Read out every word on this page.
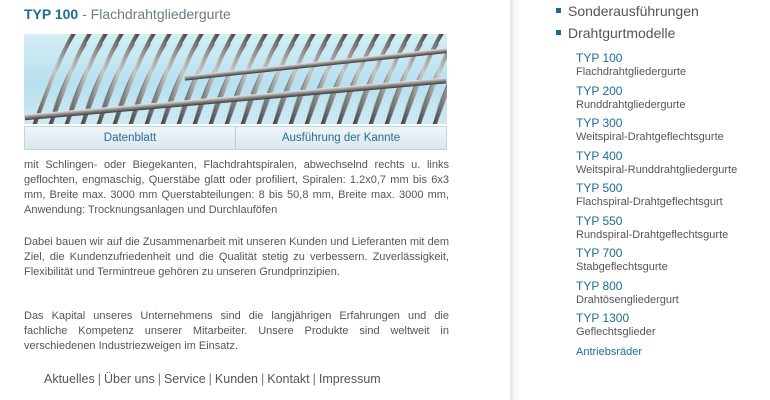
TYP 100 - Flachdrahtgliedergurte
Datenblatt	Ausführung der Kannte
mit Schlingen- oder Biegekanten, Flachdrahtspiralen, abwechselnd rechts u. links geflochten, engmaschig, Querstäbe glatt oder profiliert, Spiralen: 1.2x0,7 mm bis 6x3 mm, Breite max. 3000 mm Querstabteilungen: 8 bis 50,8 mm, Breite max. 3000 mm, Anwendung: Trocknungsanlagen und Durchlauföfen
Dabei bauen wir auf die Zusammenarbeit mit unseren Kunden und Lieferanten mit dem Ziel, die Kundenzufriedenheit und die Qualität stetig zu verbessern. Zuverlässigkeit, Flexibilität und Termintreue gehören zu unseren Grundprinzipien.
Das Kapital unseres Unternehmens sind die langjährigen Erfahrungen und die fachliche Kompetenz unserer Mitarbeiter. Unsere Produkte sind weltweit in verschiedenen Industriezweigen im Einsatz.
Aktuelles | Über uns | Service | Kunden | Kontakt | Impressum
Sonderausführungen
Drahtgurtmodelle
TYP 100
Flachdrahtgliedergurte
TYP 200
Runddrahtgliedergurte
TYP 300
Weitspiral-Drahtgeflechtsgurte
TYP 400
Weitspiral-Runddrahtgliedergurte
TYP 500
Flachspiral-Drahtgeflechtsgurt
TYP 550
Rundspiral-Drahtgeflechtsgurte
TYP 700
Stabgeflechtsgurte
TYP 800
Drahtösengliedergurt
TYP 1300
Geflechtsglieder
Antriebsräder
